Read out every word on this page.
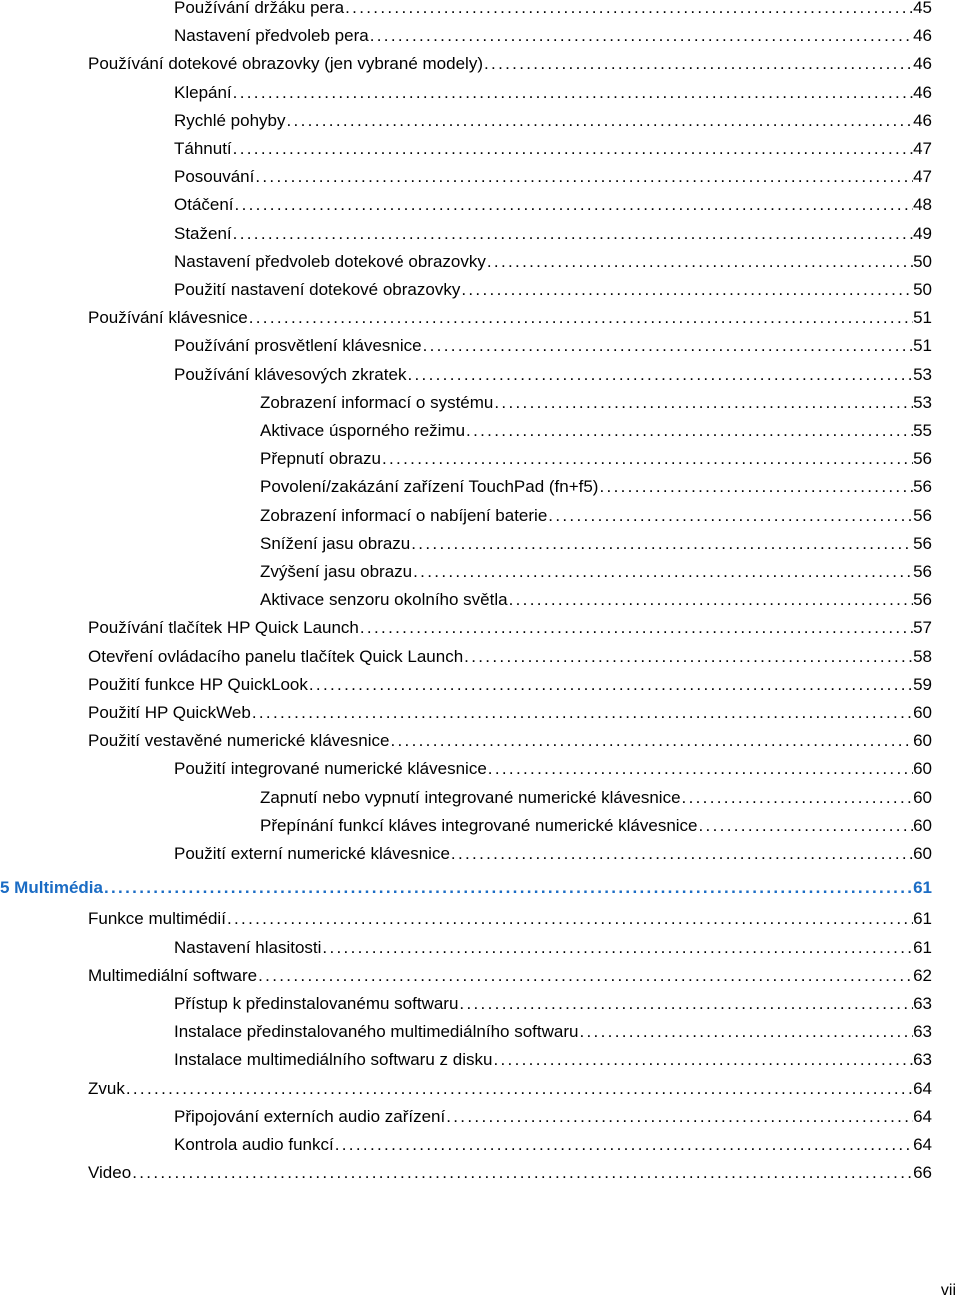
Používání držáku pera . . .	45
Nastavení předvoleb pera . . .	46
Používání dotekové obrazovky (jen vybrané modely) . . .	46
Klepání . . .	46
Rychlé pohyby . . .	46
Táhnutí . . .	47
Posouvání . . .	47
Otáčení . . .	48
Stažení . . .	49
Nastavení předvoleb dotekové obrazovky . . .	50
Použití nastavení dotekové obrazovky . . .	50
Používání klávesnice . . .	51
Používání prosvětlení klávesnice . . .	51
Používání klávesových zkratek . . .	53
Zobrazení informací o systému . . .	53
Aktivace úsporného režimu . . .	55
Přepnutí obrazu . . .	56
Povolení/zakázání zařízení TouchPad (fn+f5) . . .	56
Zobrazení informací o nabíjení baterie . . .	56
Snížení jasu obrazu . . .	56
Zvýšení jasu obrazu . . .	56
Aktivace senzoru okolního světla . . .	56
Používání tlačítek HP Quick Launch . . .	57
Otevření ovládacího panelu tlačítek Quick Launch . . .	58
Použití funkce HP QuickLook . . .	59
Použití HP QuickWeb . . .	60
Použití vestavěné numerické klávesnice . . .	60
Použití integrované numerické klávesnice . . .	60
Zapnutí nebo vypnutí integrované numerické klávesnice . . .	60
Přepínání funkcí kláves integrované numerické klávesnice . . .	60
Použití externí numerické klávesnice . . .	60
5 Multimédia . . .	61
Funkce multimédií . . .	61
Nastavení hlasitosti . . .	61
Multimediální software . . .	62
Přístup k předinstalovanému softwaru . . .	63
Instalace předinstalovaného multimediálního softwaru . . .	63
Instalace multimediálního softwaru z disku . . .	63
Zvuk . . .	64
Připojování externích audio zařízení . . .	64
Kontrola audio funkcí . . .	64
Video . . .	66
vii
